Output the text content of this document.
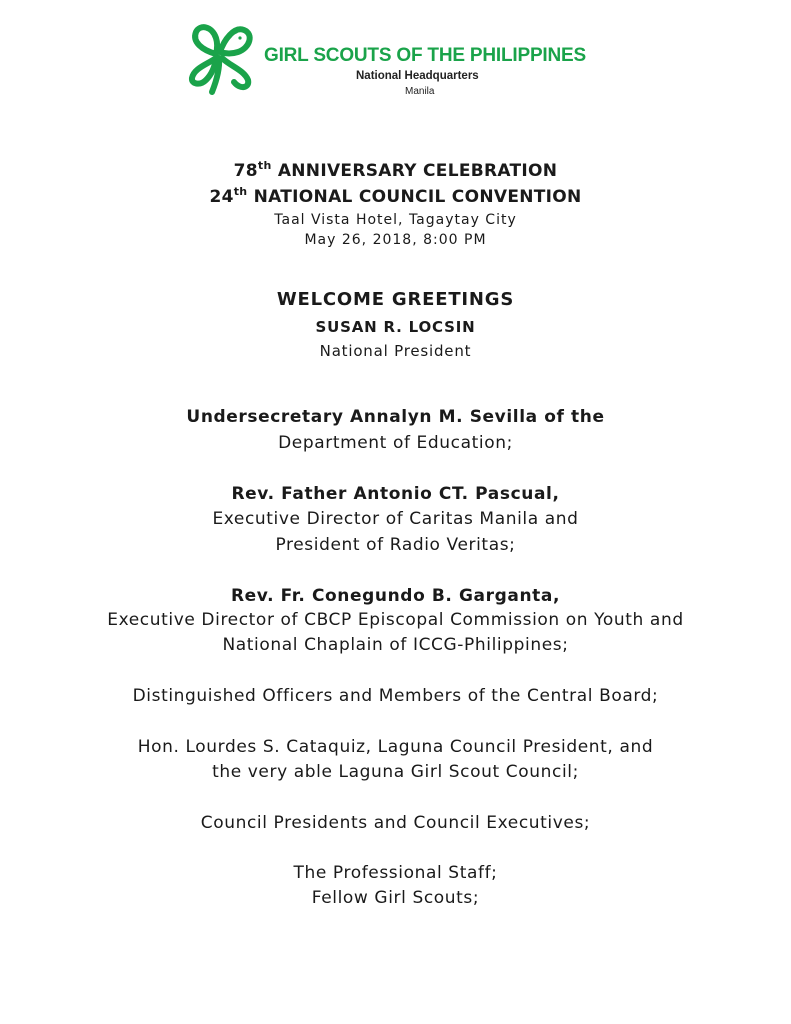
GIRL SCOUTS OF THE PHILIPPINES

National Headquarters

Manila

78th ANNIVERSARY CELEBRATION

24th NATIONAL COUNCIL CONVENTION

Taal Vista Hotel, Tagaytay City

May 26, 2018, 8:00 PM

WELCOME GREETINGS

SUSAN R. LOCSIN

National President

Undersecretary Annalyn M. Sevilla of the

Department of Education;

Rev. Father Antonio CT. Pascual,

Executive Director of Caritas Manila and

President of Radio Veritas;

Rev. Fr. Conegundo B. Garganta,

Executive Director of CBCP Episcopal Commission on Youth and

National Chaplain of ICCG-Philippines;

Distinguished Officers and Members of the Central Board;

Hon. Lourdes S. Cataquiz, Laguna Council President, and

the very able Laguna Girl Scout Council;

Council Presidents and Council Executives;

The Professional Staff;

Fellow Girl Scouts;
